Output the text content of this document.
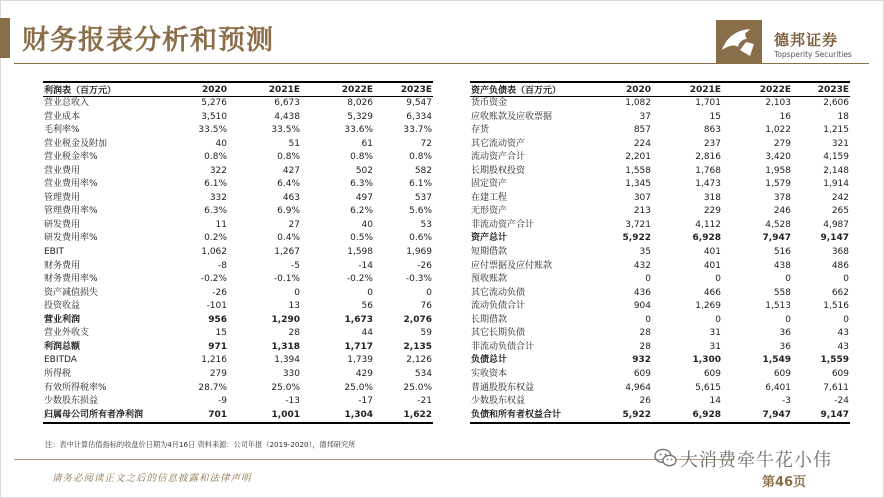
财务报表分析和预测	德邦证券
Topsperity Securities
利润表（百万元）	2020	2021E	2022E	2023E
营业总收入	5,276	6,673	8,026	9,547
营业成本	3,510	4,438	5,329	6,334
毛利率%	33.5%	33.5%	33.6%	33.7%
营业税金及附加	40	51	61	72
营业税金率%	0.8%	0.8%	0.8%	0.8%
营业费用	322	427	502	582
营业费用率%	6.1%	6.4%	6.3%	6.1%
管理费用	332	463	497	537
管理费用率%	6.3%	6.9%	6.2%	5.6%
研发费用	11	27	40	53
研发费用率%	0.2%	0.4%	0.5%	0.6%
EBIT	1,062	1,267	1,598	1,969
财务费用	-8	-5	-14	-26
财务费用率%	-0.2%	-0.1%	-0.2%	-0.3%
资产减值损失	-26	0	0	0
投资收益	-101	13	56	76
营业利润	956	1,290	1,673	2,076
营业外收支	15	28	44	59
利润总额	971	1,318	1,717	2,135
EBITDA	1,216	1,394	1,739	2,126
所得税	279	330	429	534
有效所得税率%	28.7%	25.0%	25.0%	25.0%
少数股东损益	-9	-13	-17	-21
归属母公司所有者净利润	701	1,001	1,304	1,622
资产负债表（百万元）	2020	2021E	2022E	2023E
货币资金	1,082	1,701	2,103	2,606
应收账款及应收票据	37	15	16	18
存货	857	863	1,022	1,215
其它流动资产	224	237	279	321
流动资产合计	2,201	2,816	3,420	4,159
长期股权投资	1,558	1,768	1,958	2,148
固定资产	1,345	1,473	1,579	1,914
在建工程	307	318	378	242
无形资产	213	229	246	265
非流动资产合计	3,721	4,112	4,528	4,987
资产总计	5,922	6,928	7,947	9,147
短期借款	35	401	516	368
应付票据及应付账款	432	401	438	486
预收账款	0	0	0	0
其它流动负债	436	466	558	662
流动负债合计	904	1,269	1,513	1,516
长期借款	0	0	0	0
其它长期负债	28	31	36	43
非流动负债合计	28	31	36	43
负债总计	932	1,300	1,549	1,559
实收资本	609	609	609	609
普通股股东权益	4,964	5,615	6,401	7,611
少数股东权益	26	14	-3	-24
负债和所有者权益合计	5,922	6,928	7,947	9,147
注：表中计算估值指标的收盘价日期为4月16日 资料来源：公司年报（2019-2020），德邦研究所
请务必阅读正文之后的信息披露和法律声明
大消费牵牛花小伟
第46页
